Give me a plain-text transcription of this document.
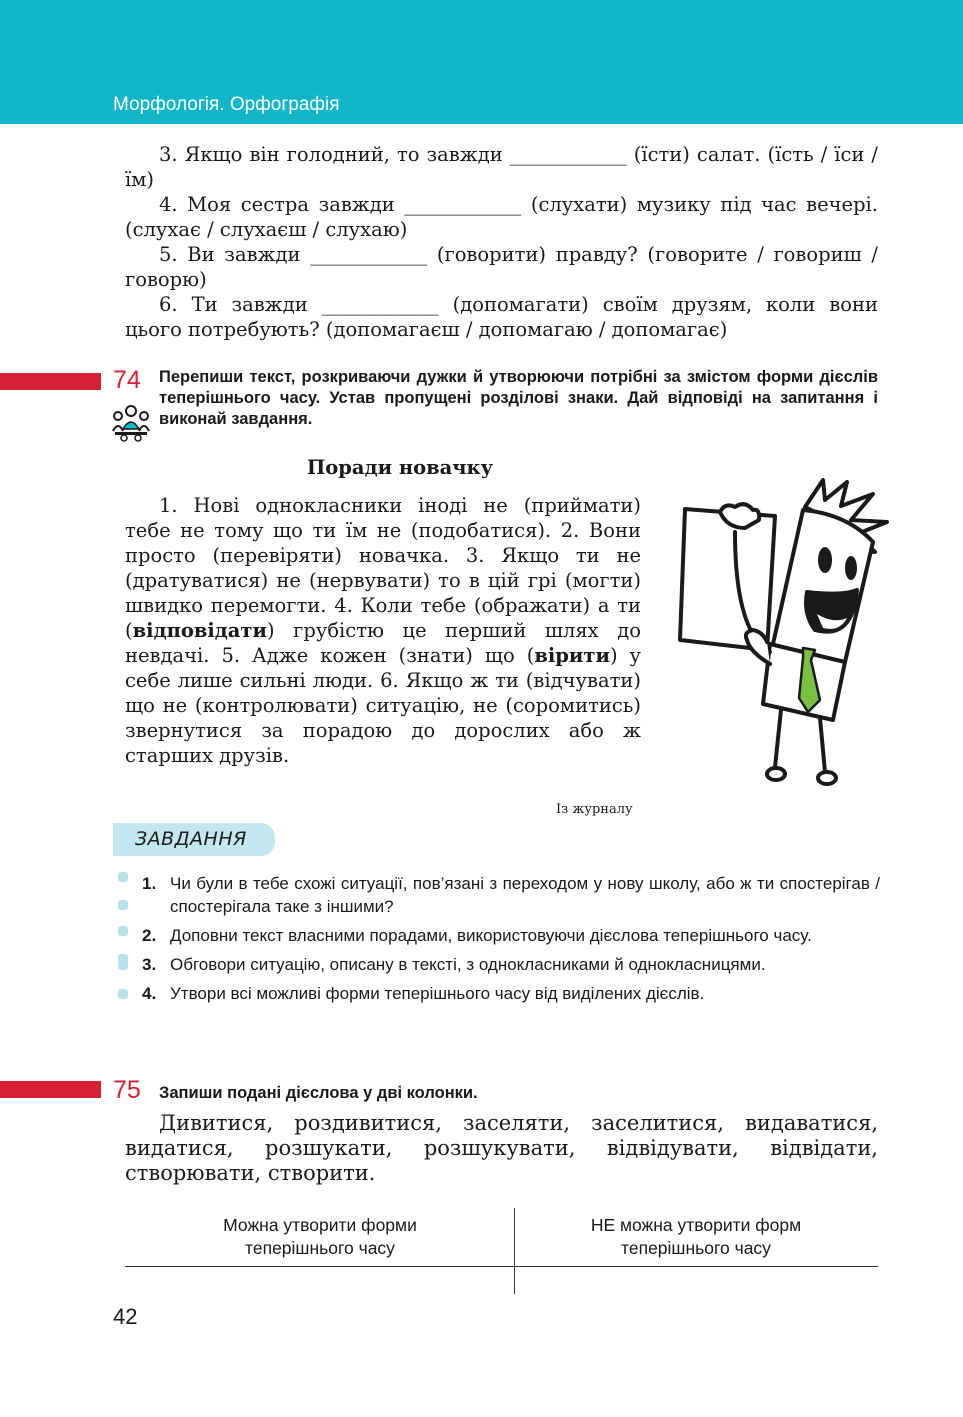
Морфологія. Орфографія

3. Якщо він голодний, то завжди ____________ (їсти) салат. (їсть / їси / їм)

4. Моя сестра завжди ____________ (слухати) музику під час вечері. (слухає / слухаєш / слухаю)

5. Ви завжди ____________ (говорити) правду? (говорите / говориш / говорю)

6. Ти завжди ____________ (допомагати) своїм друзям, коли вони цього потребують? (допомагаєш / допомагаю / допомагає)

74 Перепиши текст, розкриваючи дужки й утворюючи потрібні за змістом форми дієслів теперішнього часу. Устав пропущені розділові знаки. Дай відповіді на запитання і виконай завдання.
Поради новачку

1. Нові однокласники іноді не (приймати) тебе не тому що ти їм не (подобатися). 2. Вони просто (перевіряти) новачка. 3. Якщо ти не (дратуватися) не (нервувати) то в цій грі (могти) швидко перемогти. 4. Коли тебе (ображати) а ти (відповідати) грубістю це перший шлях до невдачі. 5. Адже кожен (знати) що (вірити) у себе лише сильні люди. 6. Якщо ж ти (відчувати) що не (контролювати) ситуацію, не (соромитись) звернутися за порадою до дорослих або ж старших друзів.

Із журналу
ЗАВДАННЯ
1. Чи були в тебе схожі ситуації, пов’язані з переходом у нову школу, або ж ти спостерігав / спостерігала таке з іншими?
2. Доповни текст власними порадами, використовуючи дієслова теперішнього часу.
3. Обговори ситуацію, описану в тексті, з однокласниками й однокласницями.
4. Утвори всі можливі форми теперішнього часу від виділених дієслів.
75 Запиши подані дієслова у дві колонки.

Дивитися, роздивитися, заселяти, заселитися, видаватися, видатися, розшукати, розшукувати, відвідувати, відвідати, створювати, створити.

Можна утворити форми теперішнього часу
НЕ можна утворити форм теперішнього часу
42
